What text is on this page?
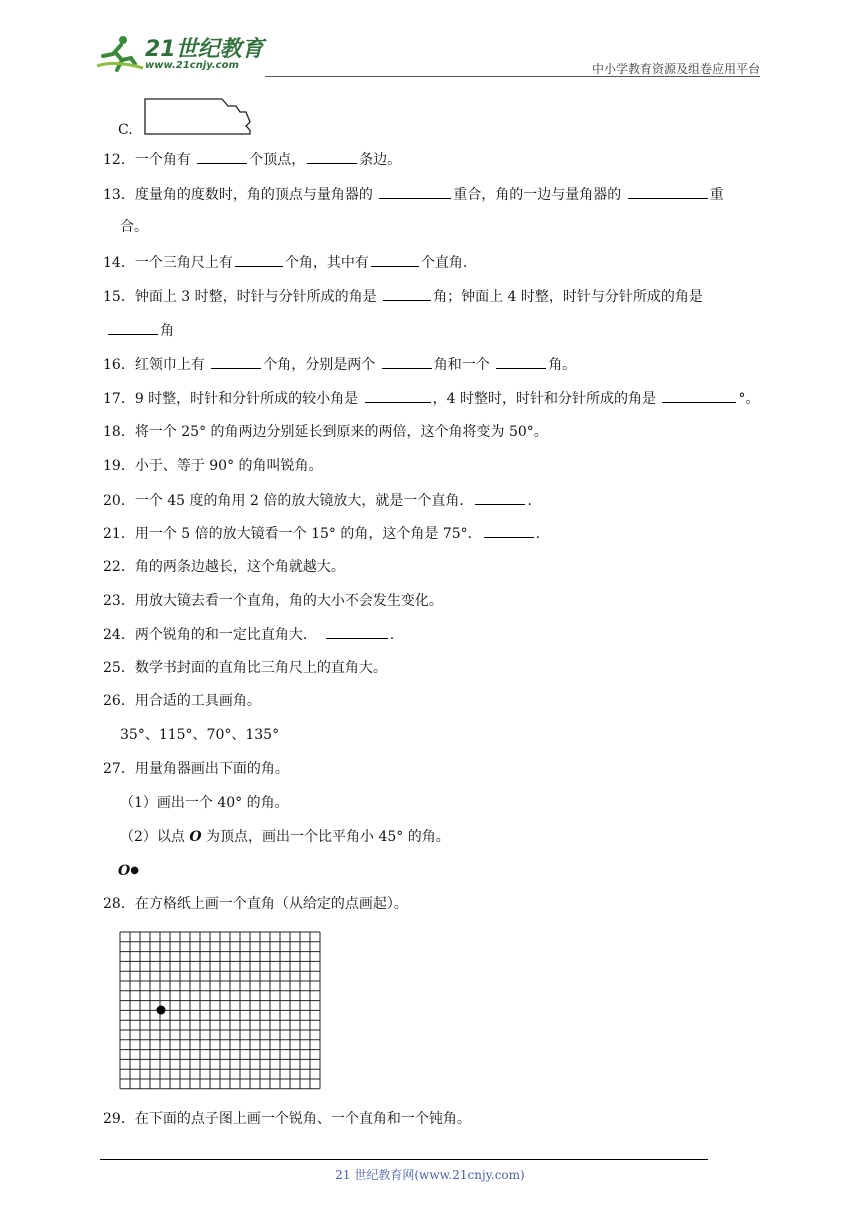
21世纪教育
www.21cnjy.com	中小学教育资源及组卷应用平台
C.
12．一个角有	个顶点，	条边。
13．度量角的度数时，角的顶点与量角器的	重合，角的一边与量角器的	重
合。
14．一个三角尺上有	个角，其中有	个直角.
15．钟面上 3 时整，时针与分针所成的角是	角；钟面上 4 时整，时针与分针所成的角是
角
16．红领巾上有	个角，分别是两个	角和一个	角。
17．9 时整，时针和分针所成的较小角是	，4 时整时，时针和分针所成的角是	°。
18．将一个 25° 的角两边分别延长到原来的两倍，这个角将变为 50°。
19．小于、等于 90° 的角叫锐角。
20．一个 45 度的角用 2 倍的放大镜放大，就是一个直角．	.
21．用一个 5 倍的放大镜看一个 15° 的角，这个角是 75°．	.
22．角的两条边越长，这个角就越大。
23．用放大镜去看一个直角，角的大小不会发生变化。
24．两个锐角的和一定比直角大.	.
25．数学书封面的直角比三角尺上的直角大。
26．用合适的工具画角。
35°、115°、70°、135°
27．用量角器画出下面的角。
（1）画出一个 40° 的角。
（2）以点 O 为顶点，画出一个比平角小 45° 的角。
O●
28．在方格纸上画一个直角（从给定的点画起）。
29．在下面的点子图上画一个锐角、一个直角和一个钝角。
21 世纪教育网(www.21cnjy.com)
